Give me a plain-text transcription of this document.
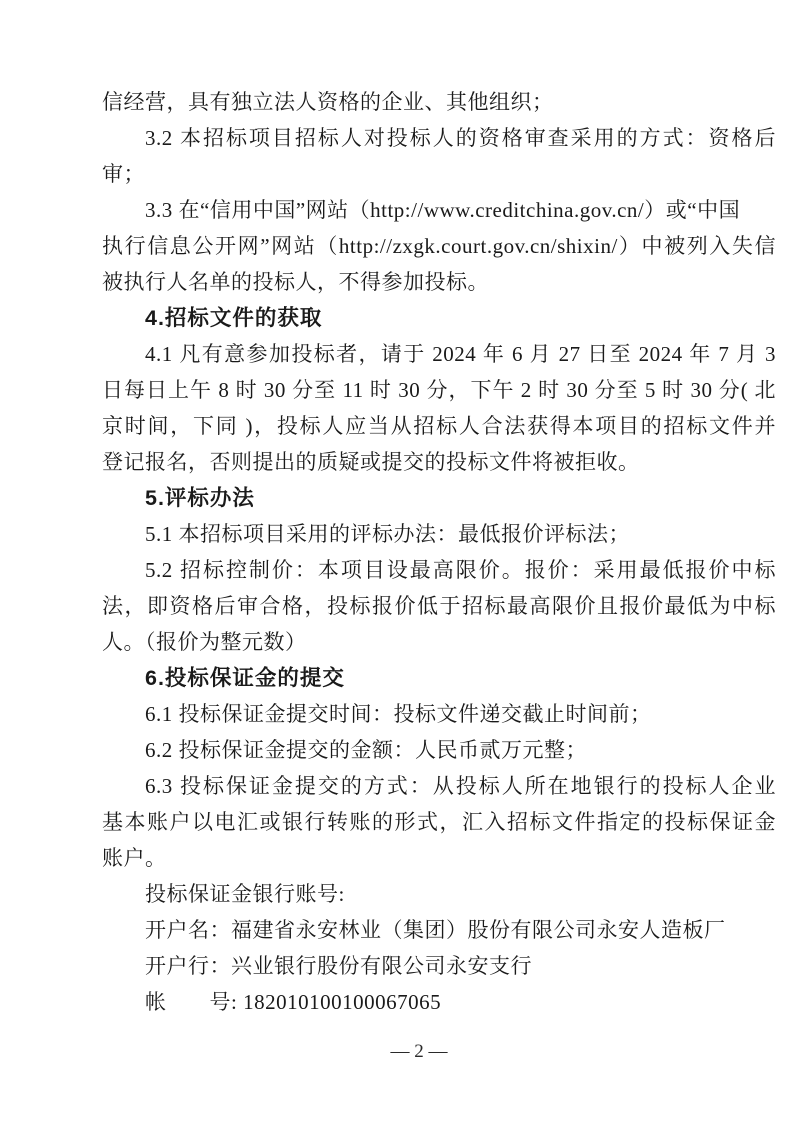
信经营，具有独立法人资格的企业、其他组织；
3.2 本招标项目招标人对投标人的资格审查采用的方式：资格后
审；
3.3 在“信用中国”网站（http://www.creditchina.gov.cn/）或“中国
执行信息公开网”网站（http://zxgk.court.gov.cn/shixin/）中被列入失信
被执行人名单的投标人，不得参加投标。
4.招标文件的获取
4.1 凡有意参加投标者，请于 2024 年 6 月 27 日至 2024 年 7 月 3
日每日上午 8 时 30 分至 11 时 30 分，下午 2 时 30 分至 5 时 30 分( 北
京时间，下同 )，投标人应当从招标人合法获得本项目的招标文件并
登记报名，否则提出的质疑或提交的投标文件将被拒收。
5.评标办法
5.1 本招标项目采用的评标办法：最低报价评标法；
5.2 招标控制价：本项目设最高限价。报价：采用最低报价中标
法，即资格后审合格，投标报价低于招标最高限价且报价最低为中标
人。（报价为整元数）
6.投标保证金的提交
6.1 投标保证金提交时间：投标文件递交截止时间前；
6.2 投标保证金提交的金额：人民币贰万元整；
6.3 投标保证金提交的方式：从投标人所在地银行的投标人企业
基本账户以电汇或银行转账的形式，汇入招标文件指定的投标保证金
账户。
投标保证金银行账号:
开户名：福建省永安林业（集团）股份有限公司永安人造板厂
开户行：兴业银行股份有限公司永安支行
帐　　号: 182010100100067065
— 2 —
